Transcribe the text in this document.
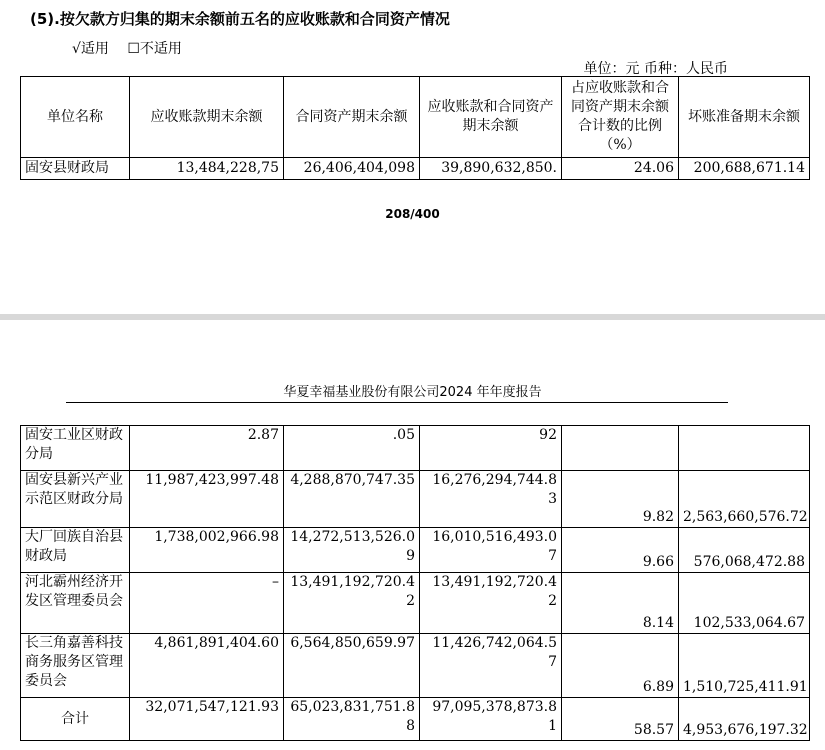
(5).按欠款方归集的期末余额前五名的应收账款和合同资产情况
√适用 ☐不适用
单位：元 币种：人民币
单位名称	应收账款期末余额	合同资产期末余额	应收账款和合同资产期末余额	占应收账款和合同资产期末余额合计数的比例（%）	坏账准备期末余额
固安县财政局	13,484,228,75	26,406,404,098	39,890,632,850.	24.06	200,688,671.14
208/400
华夏幸福基业股份有限公司2024 年年度报告
固安工业区财政分局	2.87	.05	92		
固安县新兴产业示范区财政分局	11,987,423,997.48	4,288,870,747.35	16,276,294,744.83	9.82	2,563,660,576.72
大厂回族自治县财政局	1,738,002,966.98	14,272,513,526.09	16,010,516,493.07	9.66	576,068,472.88
河北霸州经济开发区管理委员会	–	13,491,192,720.42	13,491,192,720.42	8.14	102,533,064.67
长三角嘉善科技商务服务区管理委员会	4,861,891,404.60	6,564,850,659.97	11,426,742,064.57	6.89	1,510,725,411.91
合计	32,071,547,121.93	65,023,831,751.88	97,095,378,873.81	58.57	4,953,676,197.32
